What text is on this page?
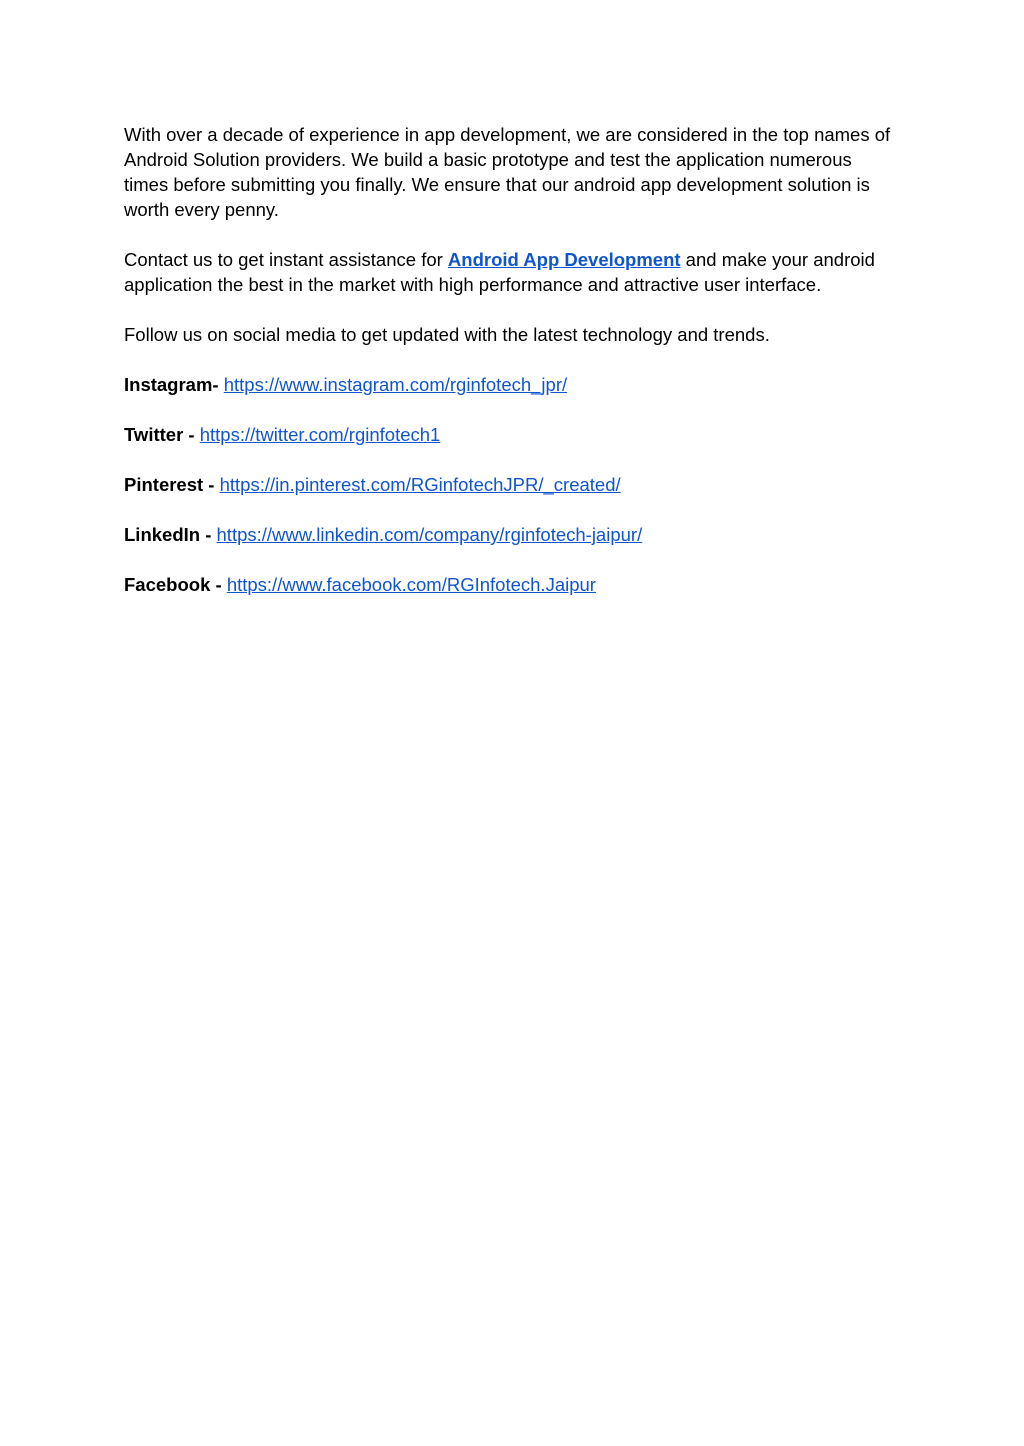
With over a decade of experience in app development, we are considered in the top names of Android Solution providers. We build a basic prototype and test the application numerous times before submitting you finally. We ensure that our android app development solution is worth every penny.

Contact us to get instant assistance for Android App Development and make your android application the best in the market with high performance and attractive user interface.

Follow us on social media to get updated with the latest technology and trends.

Instagram- https://www.instagram.com/rginfotech_jpr/
Twitter - https://twitter.com/rginfotech1
Pinterest - https://in.pinterest.com/RGinfotechJPR/_created/
LinkedIn - https://www.linkedin.com/company/rginfotech-jaipur/
Facebook - https://www.facebook.com/RGInfotech.Jaipur
